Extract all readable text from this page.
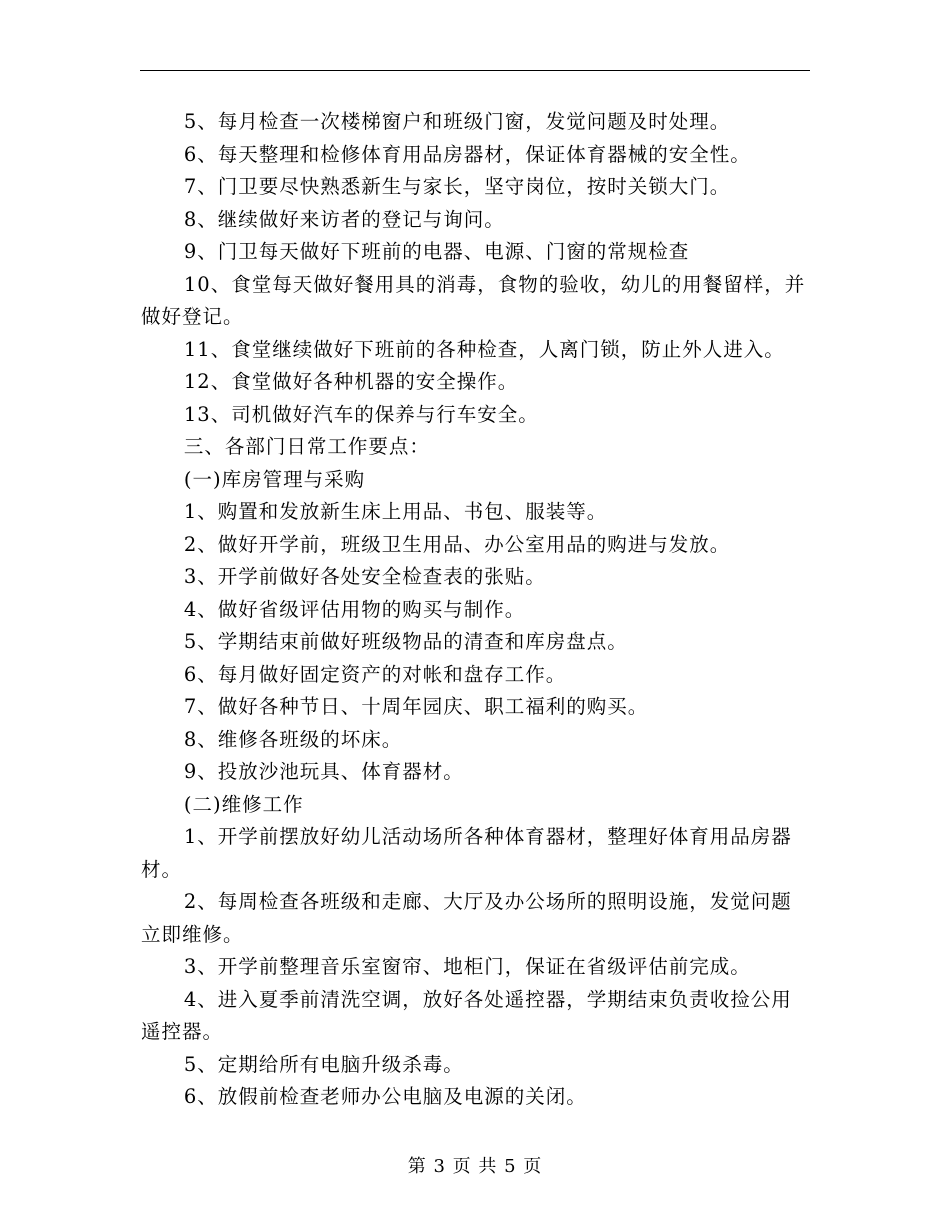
5、每月检查一次楼梯窗户和班级门窗，发觉问题及时处理。

6、每天整理和检修体育用品房器材，保证体育器械的安全性。

7、门卫要尽快熟悉新生与家长，坚守岗位，按时关锁大门。

8、继续做好来访者的登记与询问。

9、门卫每天做好下班前的电器、电源、门窗的常规检查

10、食堂每天做好餐用具的消毒，食物的验收，幼儿的用餐留样，并做好登记。

11、食堂继续做好下班前的各种检查，人离门锁，防止外人进入。

12、食堂做好各种机器的安全操作。

13、司机做好汽车的保养与行车安全。

三、各部门日常工作要点：

(一)库房管理与采购

1、购置和发放新生床上用品、书包、服装等。

2、做好开学前，班级卫生用品、办公室用品的购进与发放。

3、开学前做好各处安全检查表的张贴。

4、做好省级评估用物的购买与制作。

5、学期结束前做好班级物品的清查和库房盘点。

6、每月做好固定资产的对帐和盘存工作。

7、做好各种节日、十周年园庆、职工福利的购买。

8、维修各班级的坏床。

9、投放沙池玩具、体育器材。

(二)维修工作

1、开学前摆放好幼儿活动场所各种体育器材，整理好体育用品房器材。

2、每周检查各班级和走廊、大厅及办公场所的照明设施，发觉问题立即维修。

3、开学前整理音乐室窗帘、地柜门，保证在省级评估前完成。

4、进入夏季前清洗空调，放好各处遥控器，学期结束负责收捡公用遥控器。

5、定期给所有电脑升级杀毒。

6、放假前检查老师办公电脑及电源的关闭。

第 3 页 共 5 页
